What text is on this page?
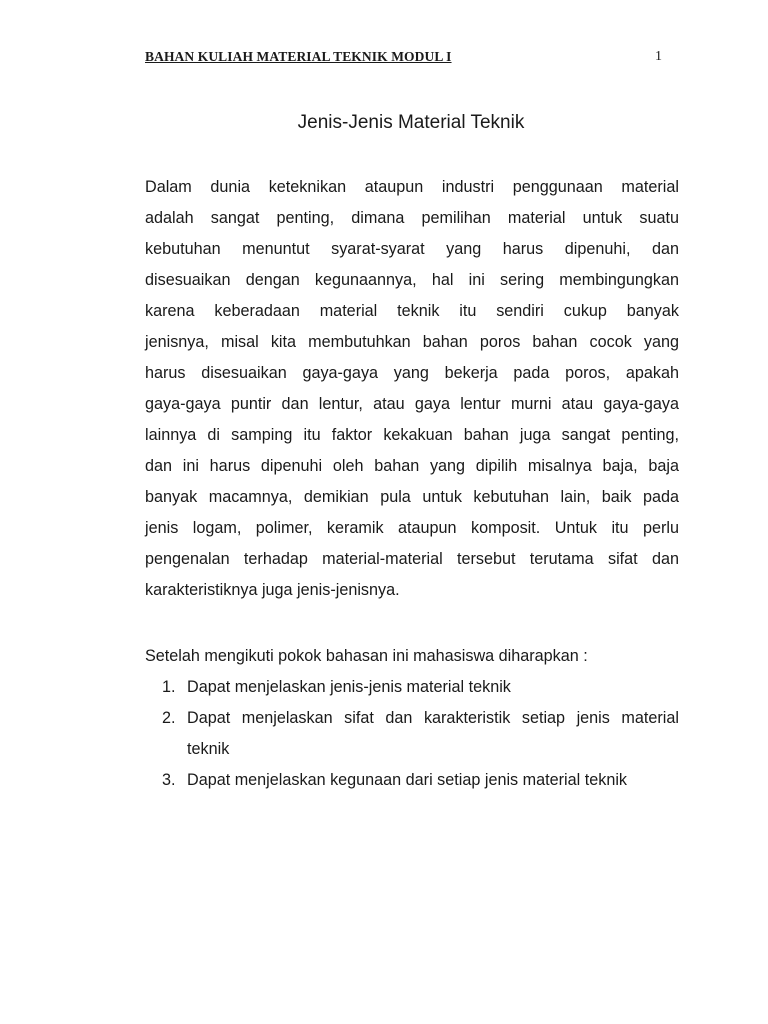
BAHAN KULIAH MATERIAL TEKNIK MODUL I	1
Jenis-Jenis Material Teknik

Dalam dunia keteknikan ataupun industri penggunaan material
adalah sangat penting, dimana pemilihan material untuk suatu
kebutuhan menuntut syarat-syarat yang harus dipenuhi, dan
disesuaikan dengan kegunaannya, hal ini sering membingungkan
karena keberadaan material teknik itu sendiri cukup banyak
jenisnya, misal kita membutuhkan bahan poros bahan cocok yang
harus disesuaikan gaya-gaya yang bekerja pada poros, apakah
gaya-gaya puntir dan lentur, atau gaya lentur murni atau gaya-gaya
lainnya di samping itu faktor kekakuan bahan juga sangat penting,
dan ini harus dipenuhi oleh bahan yang dipilih misalnya baja, baja
banyak macamnya, demikian pula untuk kebutuhan lain, baik pada
jenis logam, polimer, keramik ataupun komposit. Untuk itu perlu
pengenalan terhadap material-material tersebut terutama sifat dan
karakteristiknya juga jenis-jenisnya.

Setelah mengikuti pokok bahasan ini mahasiswa diharapkan :

1. Dapat menjelaskan jenis-jenis material teknik
2. Dapat menjelaskan sifat dan karakteristik setiap jenis material
teknik
3. Dapat menjelaskan kegunaan dari setiap jenis material teknik
